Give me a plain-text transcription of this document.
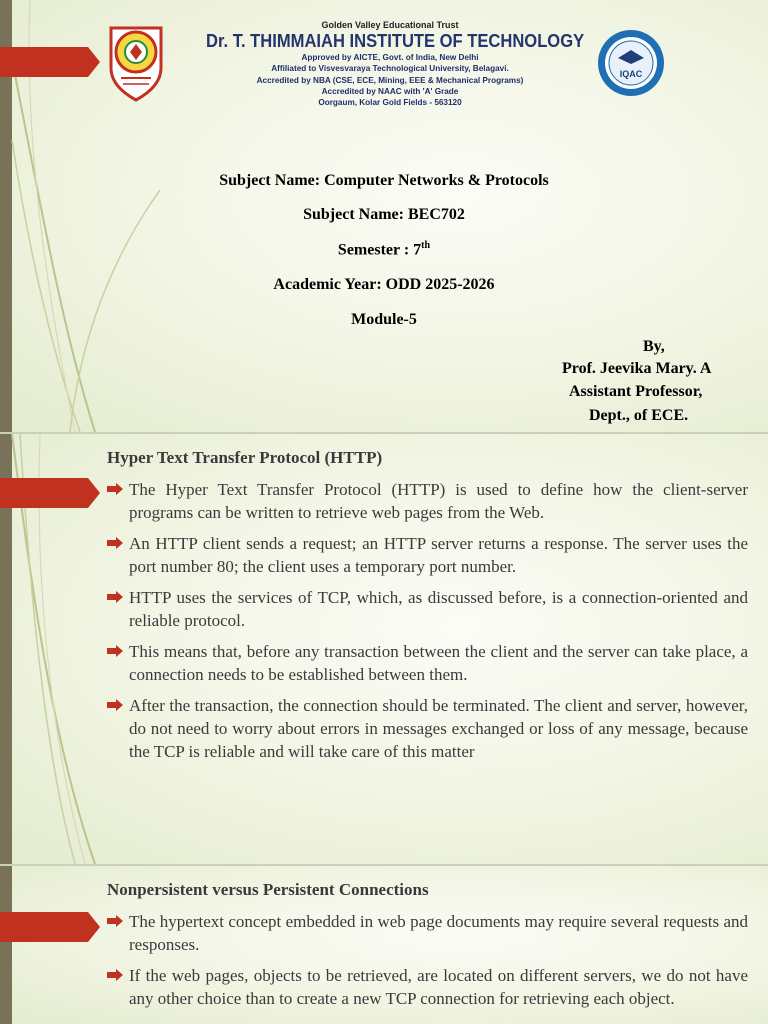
Golden Valley Educational Trust
Dr. T. THIMMAIAH INSTITUTE OF TECHNOLOGY
Approved by AICTE, Govt. of India, New Delhi
Affiliated to Visvesvaraya Technological University, Belagavi.
Accredited by NBA (CSE, ECE, Mining, EEE & Mechanical Programs)
Accredited by NAAC with 'A' Grade
Oorgaum, Kolar Gold Fields - 563120
IQAC
Subject Name: Computer Networks & Protocols
Subject Name: BEC702
Semester : 7th
Academic Year: ODD 2025-2026
Module-5
By,
Prof. Jeevika Mary. A
Assistant Professor,
Dept., of ECE.
Hyper Text Transfer Protocol (HTTP)
The Hyper Text Transfer Protocol (HTTP) is used to define how the client-server programs can be written to retrieve web pages from the Web.
An HTTP client sends a request; an HTTP server returns a response. The server uses the port number 80; the client uses a temporary port number.
HTTP uses the services of TCP, which, as discussed before, is a connection-oriented and reliable protocol.
This means that, before any transaction between the client and the server can take place, a connection needs to be established between them.
After the transaction, the connection should be terminated. The client and server, however, do not need to worry about errors in messages exchanged or loss of any message, because the TCP is reliable and will take care of this matter
Nonpersistent versus Persistent Connections
The hypertext concept embedded in web page documents may require several requests and responses.
If the web pages, objects to be retrieved, are located on different servers, we do not have any other choice than to create a new TCP connection for retrieving each object.
